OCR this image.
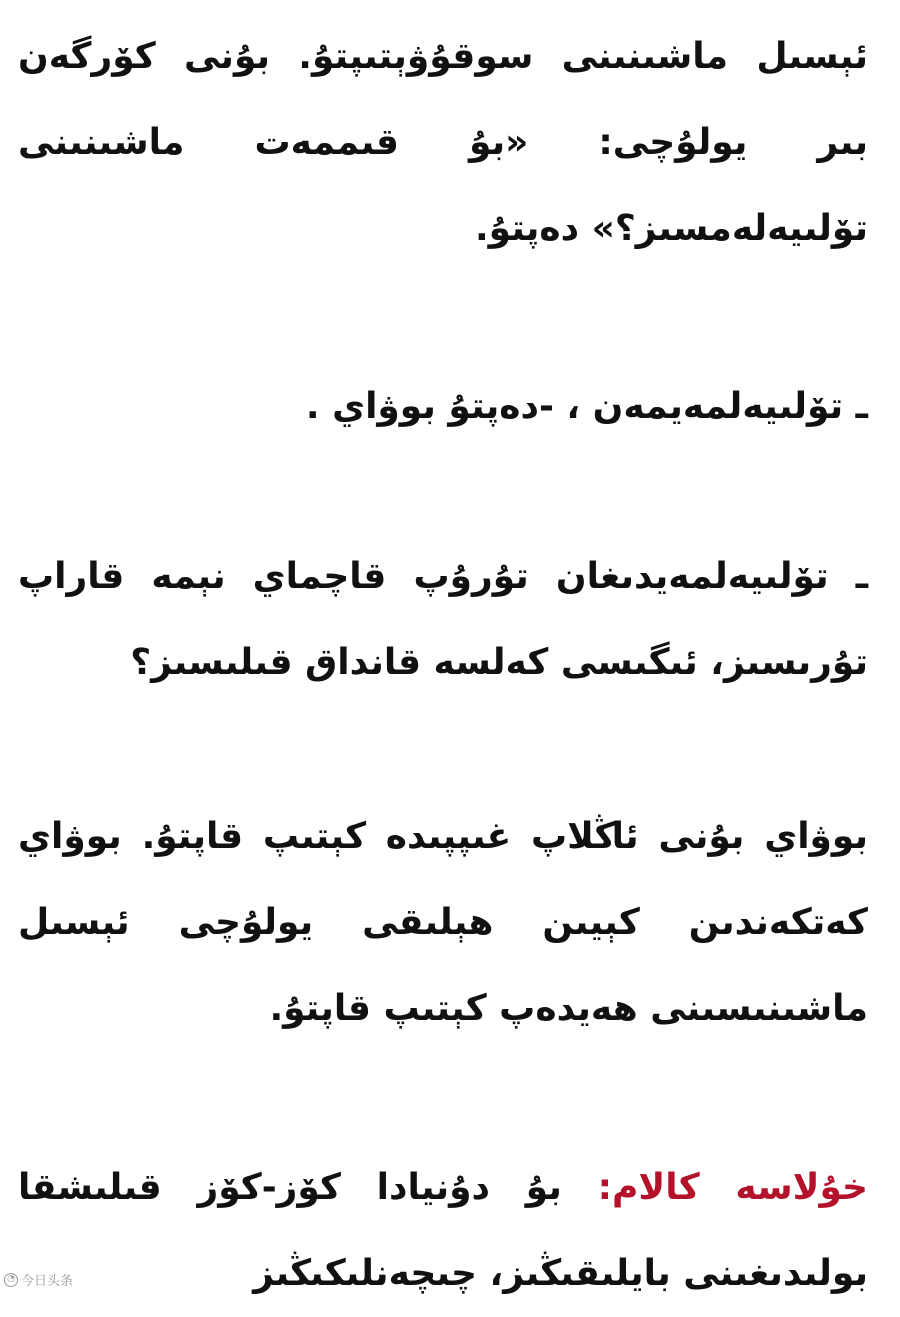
ئېسىل ماشىنىنى سوقۇۋېتىپتۇ. بۇنى كۆرگەن بىر يولۇچى: «بۇ قىممەت ماشىنىنى تۆلىيەلەمسىز؟» دەپتۇ.

ـ تۆلىيەلمەيمەن ، -دەپتۇ بوۋاي .

ـ تۆلىيەلمەيدىغان تۇرۇپ قاچماي نېمە قاراپ تۇرىسىز، ئىگىسى كەلسە قانداق قىلىسىز؟

بوۋاي بۇنى ئاڭلاپ غىپپىدە كېتىپ قاپتۇ. بوۋاي كەتكەندىن كېيىن ھېلىقى يولۇچى ئېسىل ماشىنىسىنى ھەيدەپ كېتىپ قاپتۇ.

خۇلاسە كالام: بۇ دۇنيادا كۆز-كۆز قىلىشقا بولىدىغىنى بايلىقىڭىز، چىچەنلىكىڭىز

◔ 今日头条
